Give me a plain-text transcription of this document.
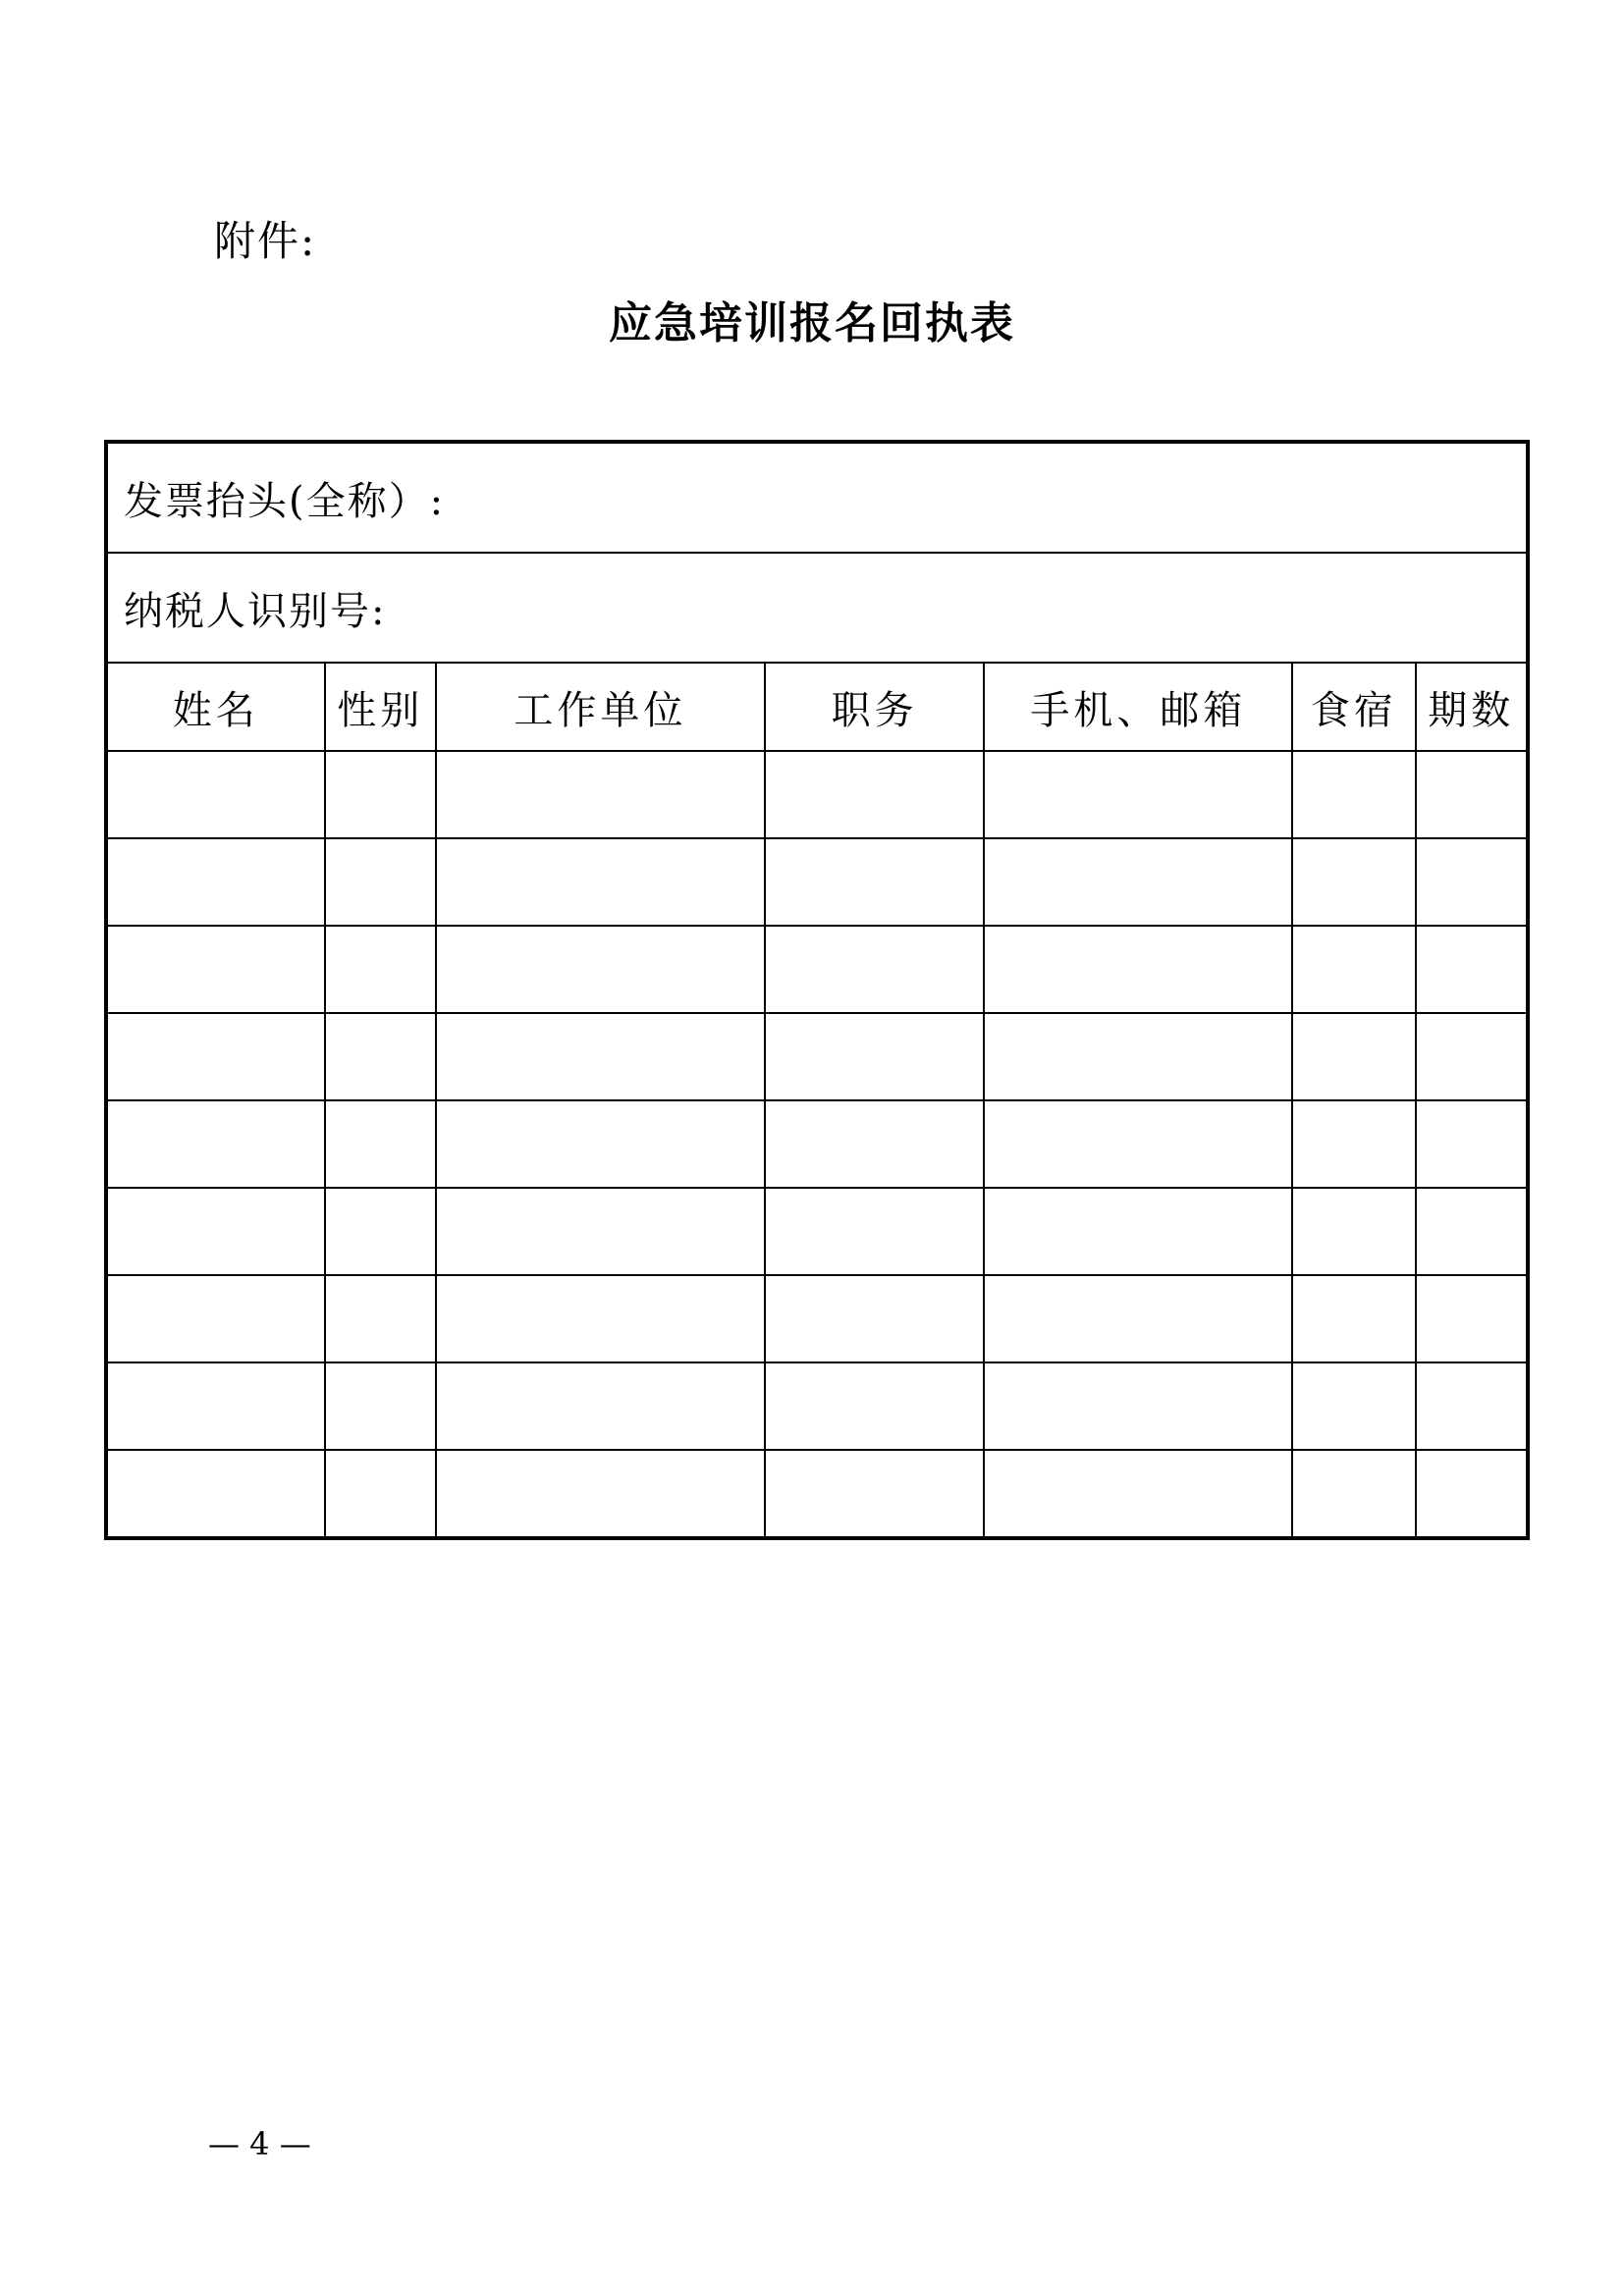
附件:
应急培训报名回执表
发票抬头(全称）:						
纳税人识别号:						
姓名	性别	工作单位	职务	手机、邮箱	食宿	期数

— 4 —
